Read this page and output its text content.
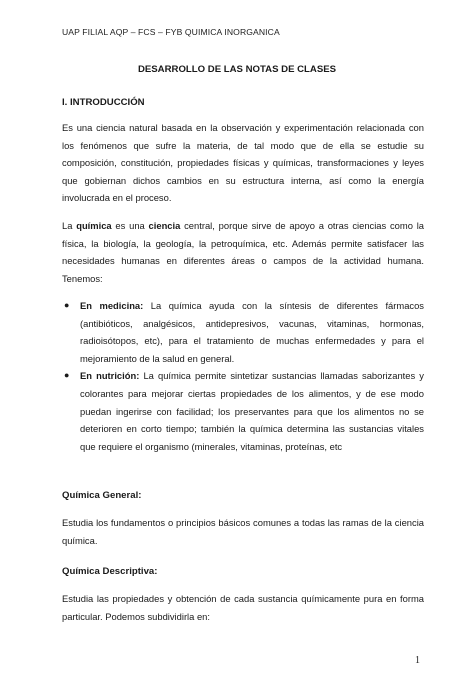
UAP FILIAL AQP – FCS – FYB QUIMICA INORGANICA
DESARROLLO DE LAS NOTAS DE CLASES
I. INTRODUCCIÓN
Es una ciencia natural basada en la observación y experimentación relacionada con los fenómenos que sufre la materia, de tal modo que de ella se estudie su composición, constitución, propiedades físicas y químicas, transformaciones y leyes que gobiernan dichos cambios en su estructura interna, así como la energía involucrada en el proceso.
La química es una ciencia central, porque sirve de apoyo a otras ciencias como la física, la biología, la geología, la petroquímica, etc. Además permite satisfacer las necesidades humanas en diferentes áreas o campos de la actividad humana. Tenemos:
● En medicina: La química ayuda con la síntesis de diferentes fármacos (antibióticos, analgésicos, antidepresivos, vacunas, vitaminas, hormonas, radioisótopos, etc), para el tratamiento de muchas enfermedades y para el mejoramiento de la salud en general.
● En nutrición: La química permite sintetizar sustancias llamadas saborizantes y colorantes para mejorar ciertas propiedades de los alimentos, y de ese modo puedan ingerirse con facilidad; los preservantes para que los alimentos no se deterioren en corto tiempo; también la química determina las sustancias vitales que requiere el organismo (minerales, vitaminas, proteínas, etc
Química General:
Estudia los fundamentos o principios básicos comunes a todas las ramas de la ciencia química.
Química Descriptiva:
Estudia las propiedades y obtención de cada sustancia químicamente pura en forma particular. Podemos subdividirla en:
1
